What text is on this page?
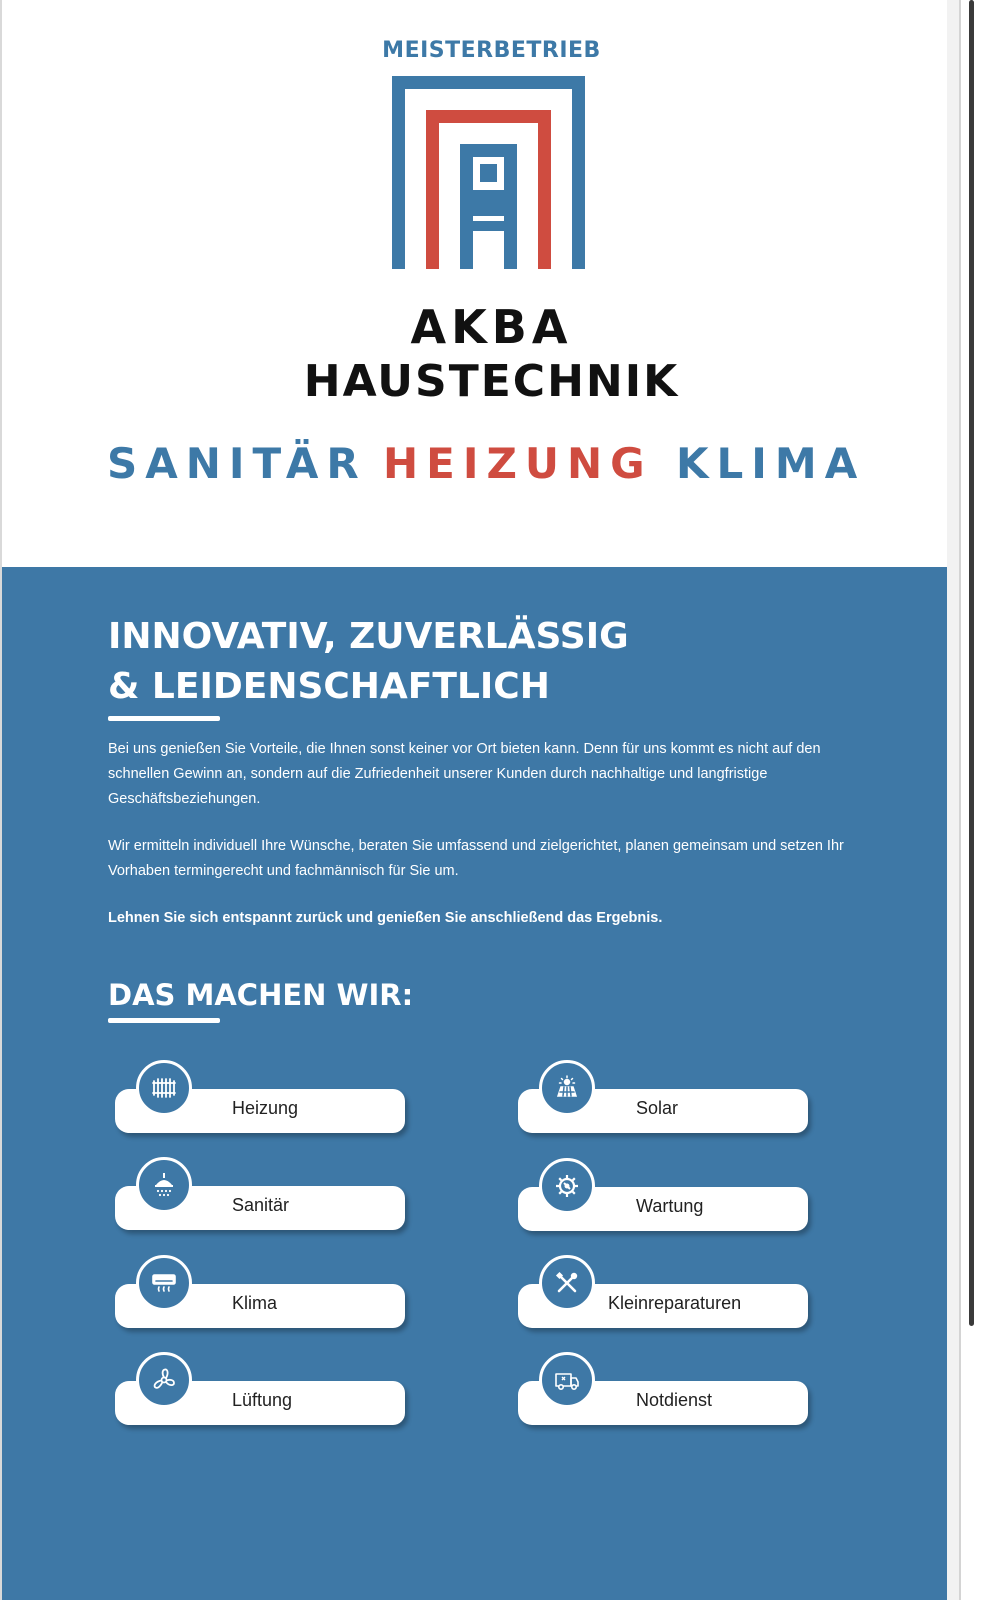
MEISTERBETRIEB
AKBA
HAUSTECHNIK
SANITÄR HEIZUNG KLIMA
INNOVATIV, ZUVERLÄSSIG
& LEIDENSCHAFTLICH

Bei uns genießen Sie Vorteile, die Ihnen sonst keiner vor Ort bieten kann. Denn für uns kommt es nicht auf den schnellen Gewinn an, sondern auf die Zufriedenheit unserer Kunden durch nachhaltige und langfristige Geschäftsbeziehungen.

Wir ermitteln individuell Ihre Wünsche, beraten Sie umfassend und zielgerichtet, planen gemeinsam und setzen Ihr Vorhaben termingerecht und fachmännisch für Sie um.

Lehnen Sie sich entspannt zurück und genießen Sie anschließend das Ergebnis.

DAS MACHEN WIR:
Heizung
Sanitär
Klima
Lüftung
Solar
Wartung
Kleinreparaturen
Notdienst
